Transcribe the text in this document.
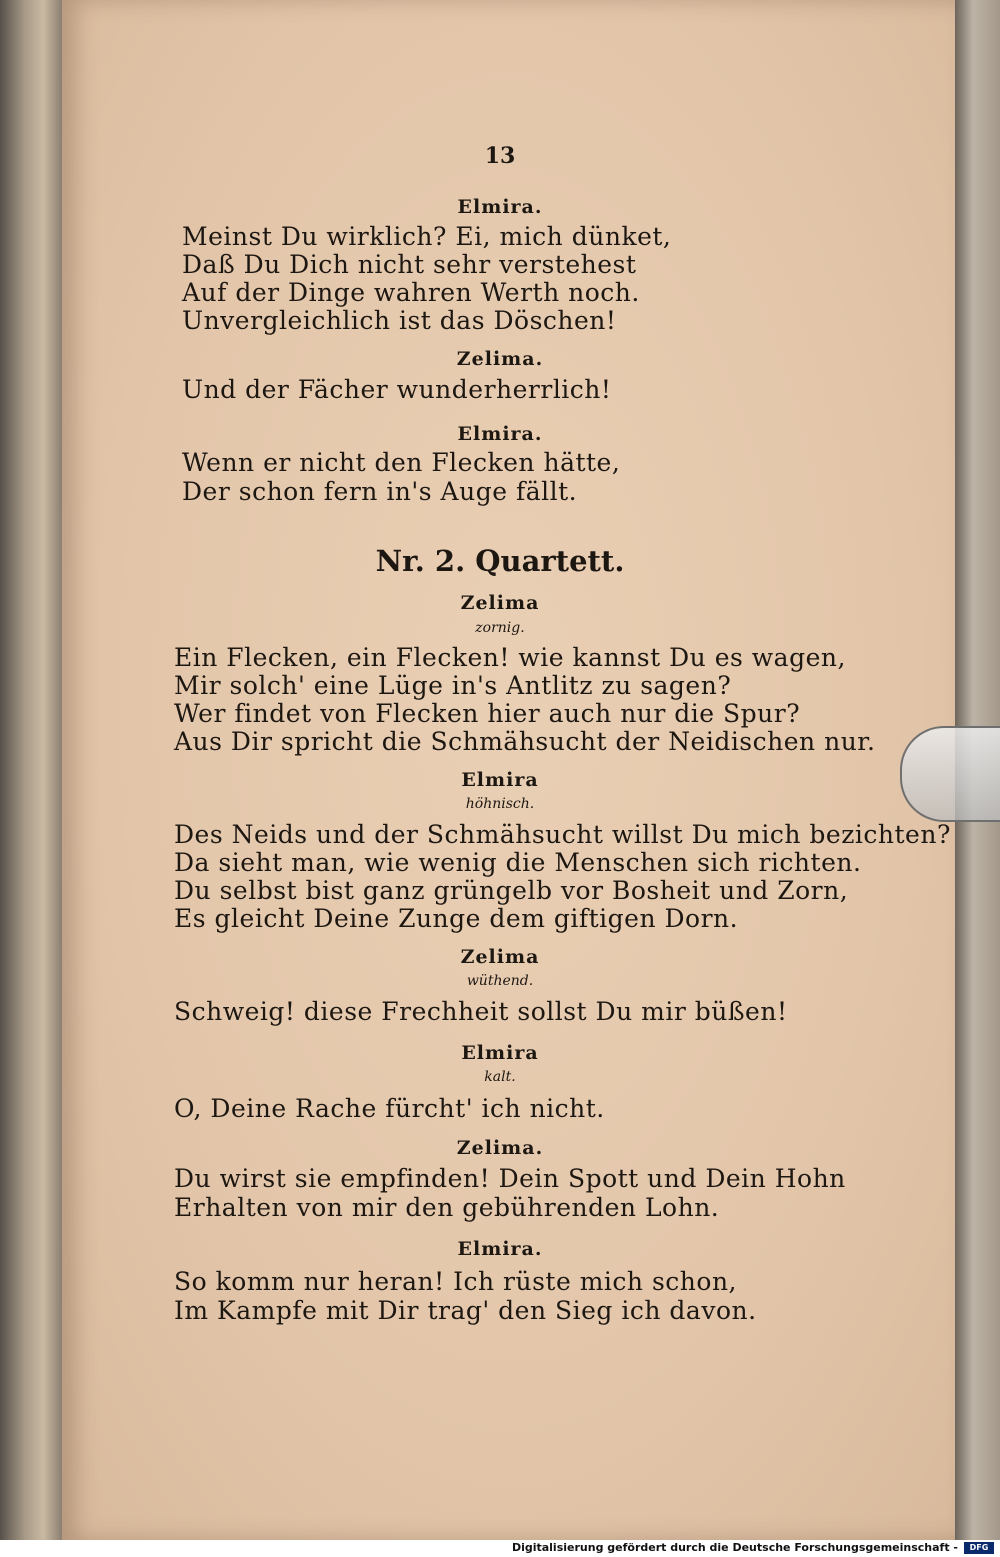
13
Elmira.
Meinst Du wirklich? Ei, mich dünket,
Daß Du Dich nicht sehr verstehest
Auf der Dinge wahren Werth noch.
Unvergleichlich ist das Döschen!
Zelima.
Und der Fächer wunderherrlich!
Elmira.
Wenn er nicht den Flecken hätte,
Der schon fern in's Auge fällt.
Nr. 2. Quartett.
Zelima
zornig.
Ein Flecken, ein Flecken! wie kannst Du es wagen,
Mir solch' eine Lüge in's Antlitz zu sagen?
Wer findet von Flecken hier auch nur die Spur?
Aus Dir spricht die Schmähsucht der Neidischen nur.
Elmira
höhnisch.
Des Neids und der Schmähsucht willst Du mich bezichten?
Da sieht man, wie wenig die Menschen sich richten.
Du selbst bist ganz grüngelb vor Bosheit und Zorn,
Es gleicht Deine Zunge dem giftigen Dorn.
Zelima
wüthend.
Schweig! diese Frechheit sollst Du mir büßen!
Elmira
kalt.
O, Deine Rache fürcht' ich nicht.
Zelima.
Du wirst sie empfinden! Dein Spott und Dein Hohn
Erhalten von mir den gebührenden Lohn.
Elmira.
So komm nur heran! Ich rüste mich schon,
Im Kampfe mit Dir trag' den Sieg ich davon.
Digitalisierung gefördert durch die Deutsche Forschungsgemeinschaft -	DFG
